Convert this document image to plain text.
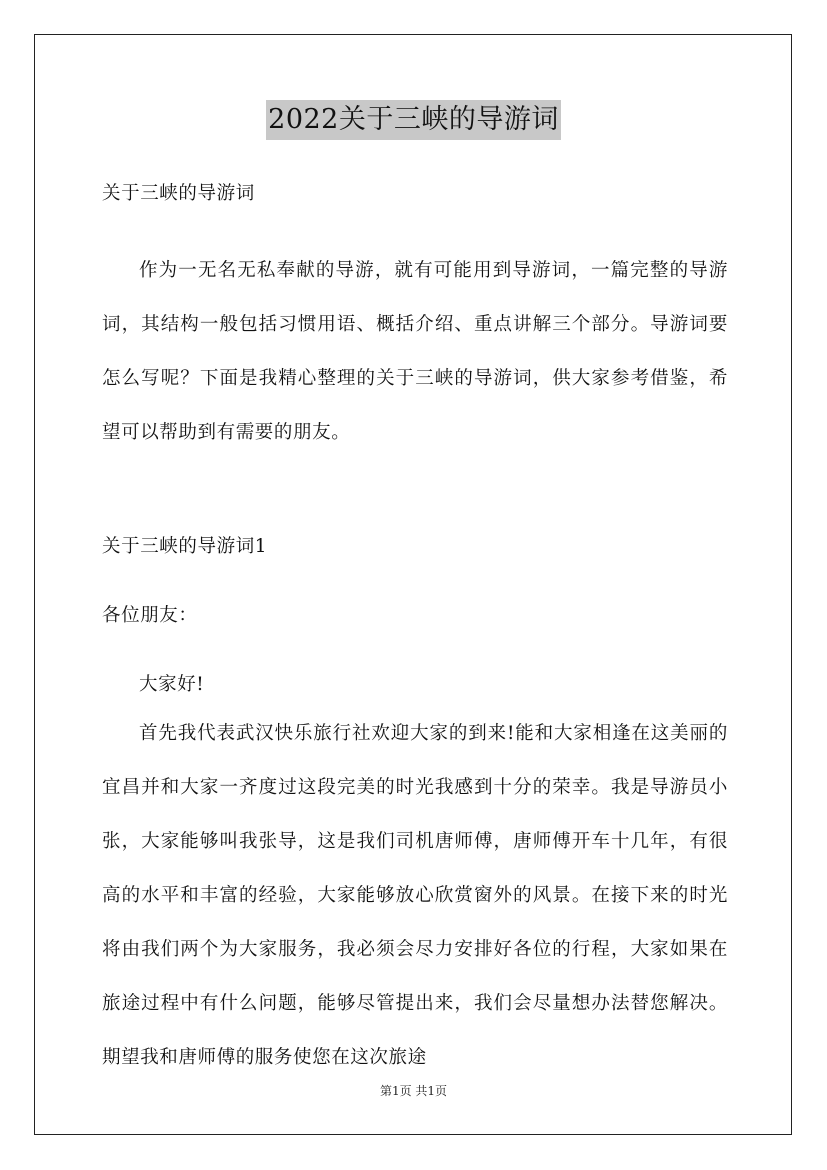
2022关于三峡的导游词
关于三峡的导游词
作为一无名无私奉献的导游，就有可能用到导游词，一篇完整的导游词，其结构一般包括习惯用语、概括介绍、重点讲解三个部分。导游词要怎么写呢？下面是我精心整理的关于三峡的导游词，供大家参考借鉴，希望可以帮助到有需要的朋友。
关于三峡的导游词1
各位朋友：
大家好!
首先我代表武汉快乐旅行社欢迎大家的到来!能和大家相逢在这美丽的宜昌并和大家一齐度过这段完美的时光我感到十分的荣幸。我是导游员小张，大家能够叫我张导，这是我们司机唐师傅，唐师傅开车十几年，有很高的水平和丰富的经验，大家能够放心欣赏窗外的风景。在接下来的时光将由我们两个为大家服务，我必须会尽力安排好各位的行程，大家如果在旅途过程中有什么问题，能够尽管提出来，我们会尽量想办法替您解决。期望我和唐师傅的服务使您在这次旅途
第1页 共1页
